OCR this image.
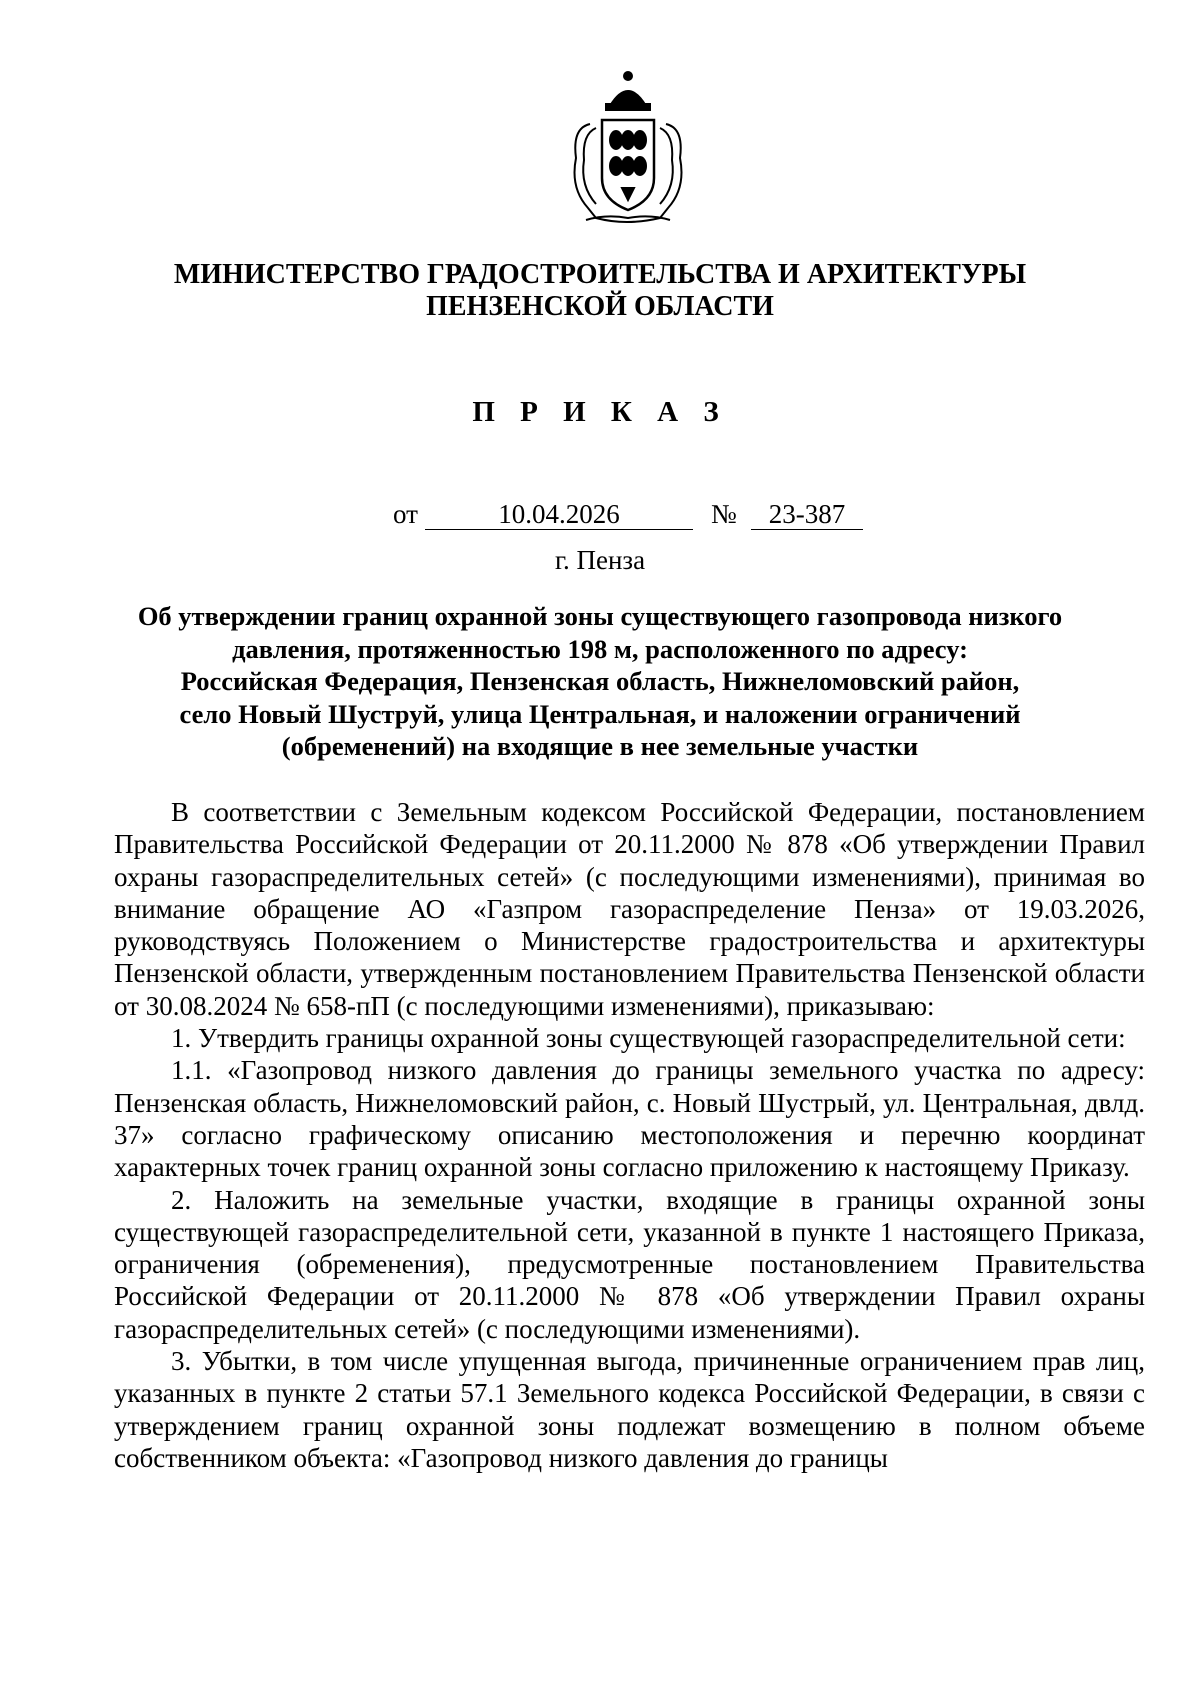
МИНИСТЕРСТВО ГРАДОСТРОИТЕЛЬСТВА И АРХИТЕКТУРЫ
ПЕНЗЕНСКОЙ ОБЛАСТИ
П Р И К А З
от	10.04.2026	№	23-387
г. Пенза
Об утверждении границ охранной зоны существующего газопровода низкого
давления, протяженностью 198 м, расположенного по адресу:
Российская Федерация, Пензенская область, Нижнеломовский район,
село Новый Шуструй, улица Центральная, и наложении ограничений
(обременений) на входящие в нее земельные участки

В соответствии с Земельным кодексом Российской Федерации, постановлением Правительства Российской Федерации от 20.11.2000 № 878 «Об утверждении Правил охраны газораспределительных сетей» (с последующими изменениями), принимая во внимание обращение АО «Газпром газораспределение Пенза» от 19.03.2026, руководствуясь Положением о Министерстве градостроительства и архитектуры Пензенской области, утвержденным постановлением Правительства Пензенской области от 30.08.2024 № 658-пП (с последующими изменениями), приказываю:

1. Утвердить границы охранной зоны существующей газораспределительной сети:

1.1. «Газопровод низкого давления до границы земельного участка по адресу: Пензенская область, Нижнеломовский район, с. Новый Шустрый, ул. Центральная, двлд. 37» согласно графическому описанию местоположения и перечню координат характерных точек границ охранной зоны согласно приложению к настоящему Приказу.

2. Наложить на земельные участки, входящие в границы охранной зоны существующей газораспределительной сети, указанной в пункте 1 настоящего Приказа, ограничения (обременения), предусмотренные постановлением Правительства Российской Федерации от 20.11.2000 № 878 «Об утверждении Правил охраны газораспределительных сетей» (с последующими изменениями).

3. Убытки, в том числе упущенная выгода, причиненные ограничением прав лиц, указанных в пункте 2 статьи 57.1 Земельного кодекса Российской Федерации, в связи с утверждением границ охранной зоны подлежат возмещению в полном объеме собственником объекта: «Газопровод низкого давления до границы
